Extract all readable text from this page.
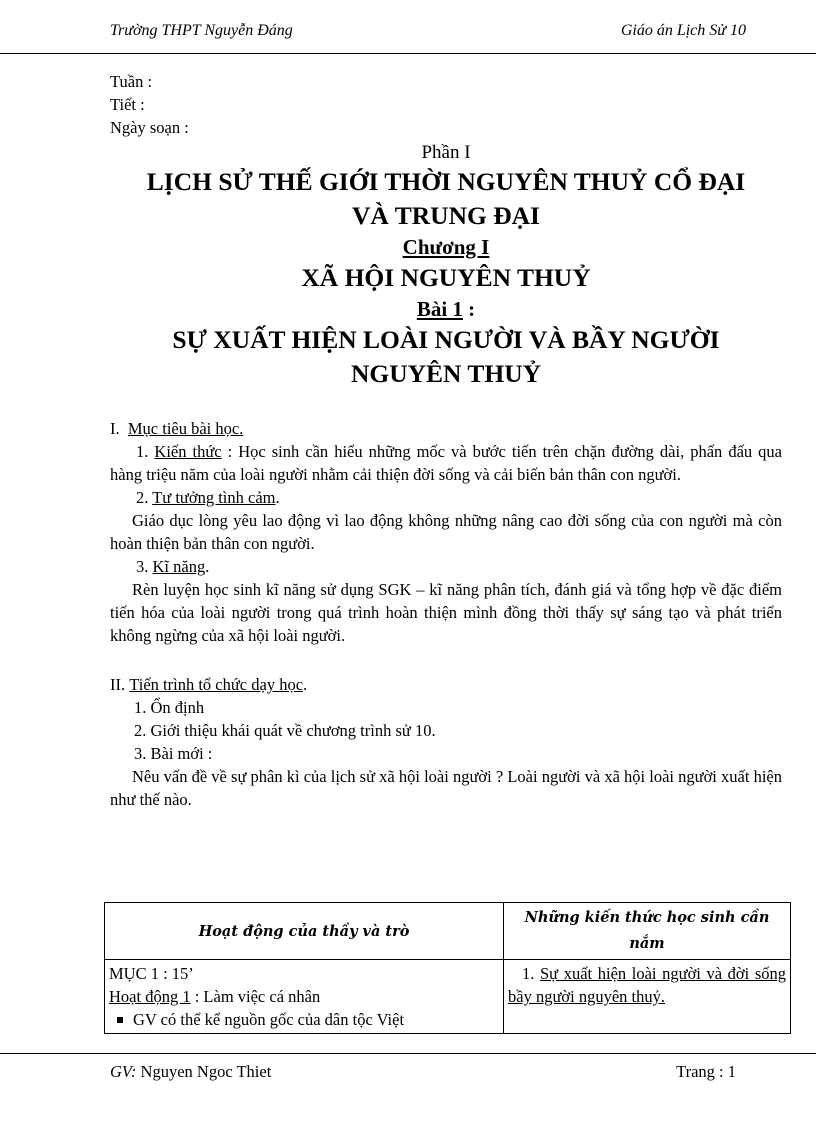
Trường THPT Nguyễn Đáng	Giáo án Lịch Sử 10
Tuần :
Tiết :
Ngày soạn :
Phần I
LỊCH SỬ THẾ GIỚI THỜI NGUYÊN THUỶ CỔ ĐẠI
VÀ TRUNG ĐẠI
Chương I
XÃ HỘI NGUYÊN THUỶ
Bài 1 :
SỰ XUẤT HIỆN LOÀI NGƯỜI VÀ BẦY NGƯỜI
NGUYÊN THUỶ
I. Mục tiêu bài học.
1. Kiến thức : Học sinh cần hiểu những mốc và bước tiến trên chặn đường dài, phấn đấu qua hàng triệu năm của loài người nhằm cải thiện đời sống và cải biến bản thân con người.
2. Tư tưởng tình cảm.
Giáo dục lòng yêu lao động vì lao động không những nâng cao đời sống của con người mà còn hoàn thiện bản thân con người.
3. Kĩ năng.
Rèn luyện học sinh kĩ năng sử dụng SGK – kĩ năng phân tích, đánh giá và tổng hợp về đặc điểm tiến hóa của loài người trong quá trình hoàn thiện mình đồng thời thấy sự sáng tạo và phát triển không ngừng của xã hội loài người.
II. Tiến trình tổ chức dạy học.
1. Ổn định
2. Giới thiệu khái quát về chương trình sử 10.
3. Bài mới :
Nêu vấn đề về sự phân kì của lịch sử xã hội loài người ? Loài người và xã hội loài người xuất hiện như thế nào.
Hoạt động của thầy và trò	Những kiến thức học sinh cần nắm

MỤC 1 : 15’
Hoạt động 1 : Làm việc cá nhân
GV có thể kể nguồn gốc của dân tộc Việt	1. Sự xuất hiện loài người và đời sống bầy người nguyên thuỷ.
GV: Nguyen Ngoc Thiet	Trang : 1
